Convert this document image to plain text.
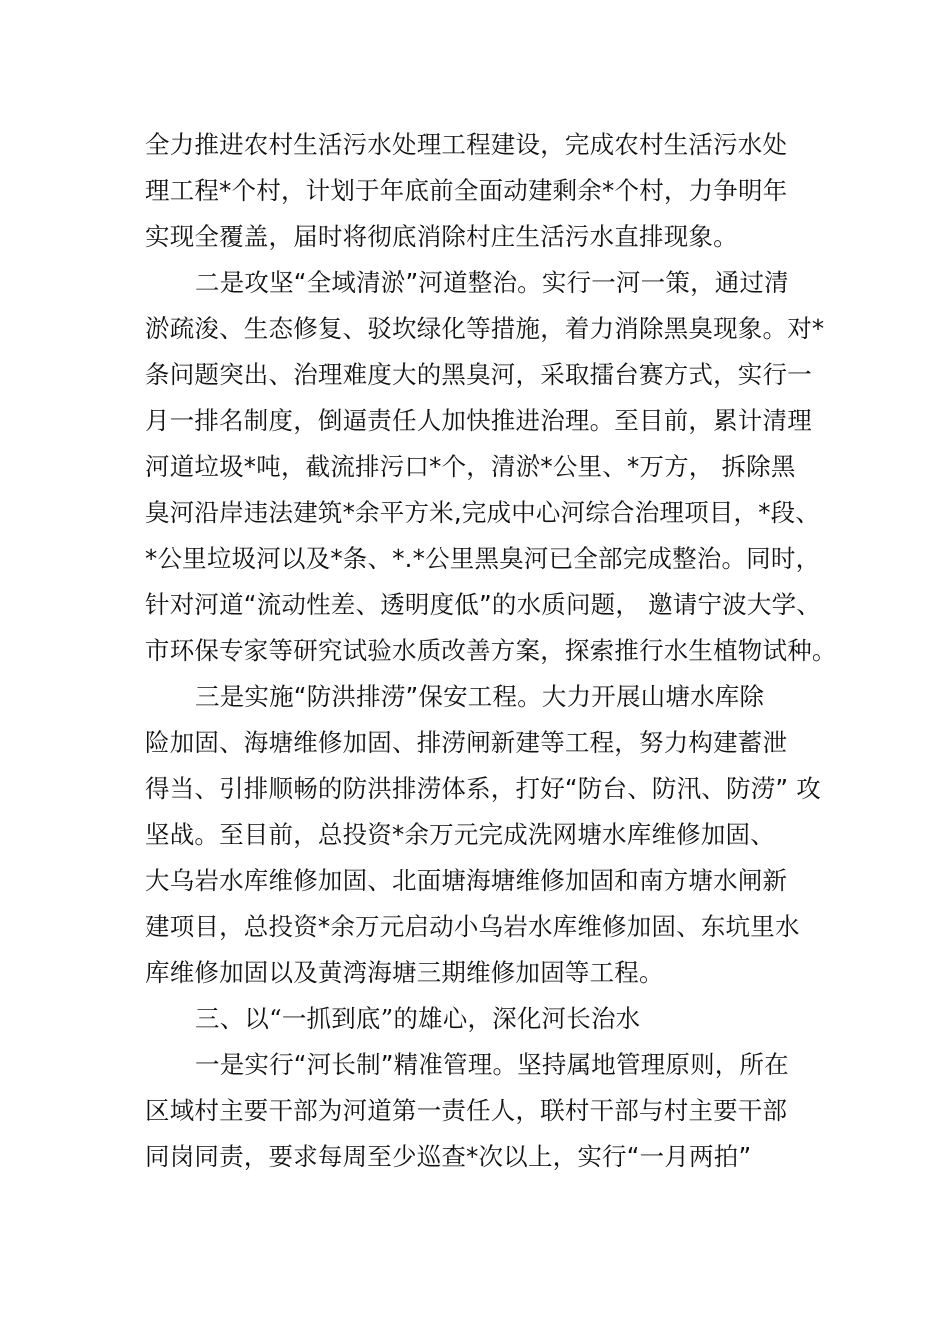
全力推进农村生活污水处理工程建设，完成农村生活污水处
理工程*个村，计划于年底前全面动建剩余*个村，力争明年
实现全覆盖，届时将彻底消除村庄生活污水直排现象。
二是攻坚“全域清淤”河道整治。实行一河一策，通过清
淤疏浚、生态修复、驳坎绿化等措施，着力消除黑臭现象。对*
条问题突出、治理难度大的黑臭河，采取擂台赛方式，实行一
月一排名制度，倒逼责任人加快推进治理。至目前，累计清理
河道垃圾*吨，截流排污口*个，清淤*公里、*万方， 拆除黑
臭河沿岸违法建筑*余平方米,完成中心河综合治理项目，*段、
*公里垃圾河以及*条、*.*公里黑臭河已全部完成整治。同时，
针对河道“流动性差、透明度低”的水质问题， 邀请宁波大学、
市环保专家等研究试验水质改善方案，探索推行水生植物试种。
三是实施“防洪排涝”保安工程。大力开展山塘水库除
险加固、海塘维修加固、排涝闸新建等工程，努力构建蓄泄
得当、引排顺畅的防洪排涝体系，打好“防台、防汛、防涝” 攻
坚战。至目前，总投资*余万元完成洗网塘水库维修加固、
大乌岩水库维修加固、北面塘海塘维修加固和南方塘水闸新
建项目，总投资*余万元启动小乌岩水库维修加固、东坑里水
库维修加固以及黄湾海塘三期维修加固等工程。
三、以“一抓到底”的雄心，深化河长治水
一是实行“河长制”精准管理。坚持属地管理原则，所在
区域村主要干部为河道第一责任人，联村干部与村主要干部
同岗同责，要求每周至少巡查*次以上，实行“一月两拍”
